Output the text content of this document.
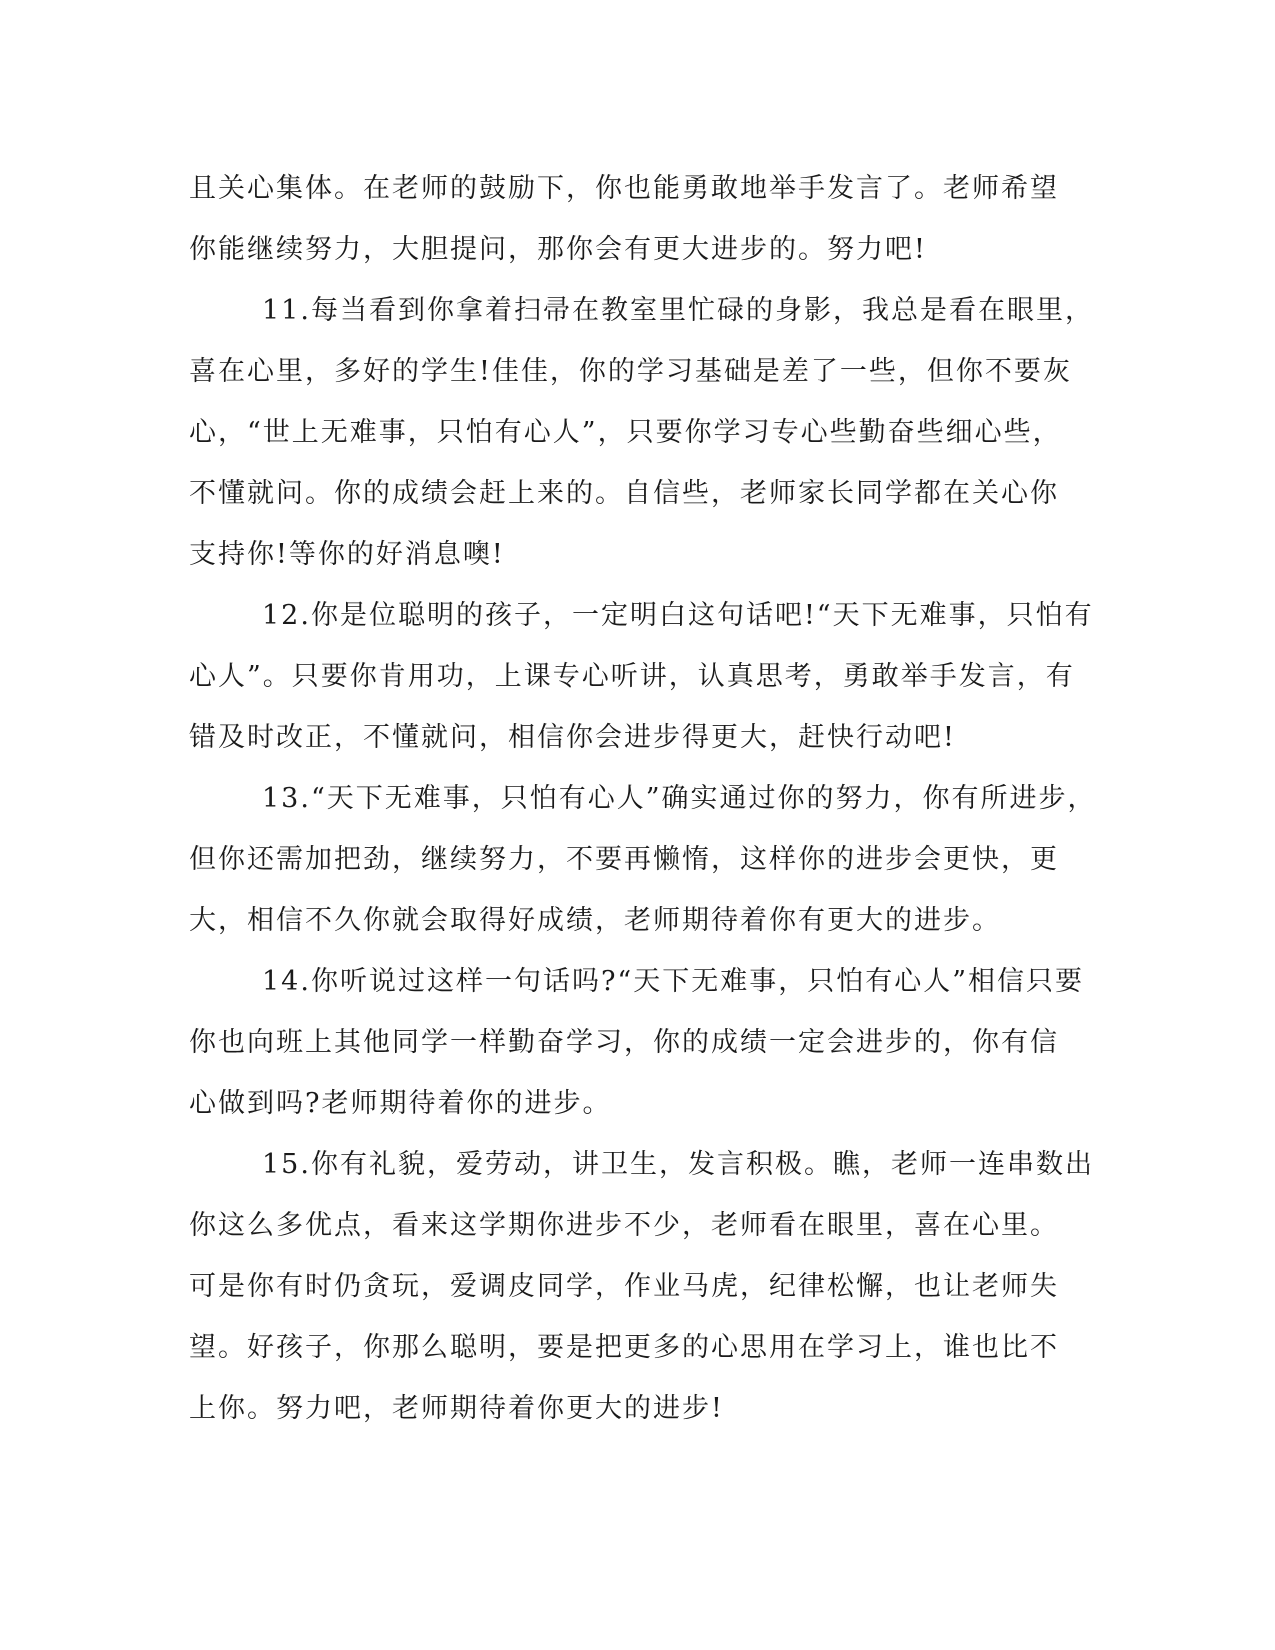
且关心集体。在老师的鼓励下，你也能勇敢地举手发言了。老师希望
你能继续努力，大胆提问，那你会有更大进步的。努力吧!
11.每当看到你拿着扫帚在教室里忙碌的身影，我总是看在眼里，
喜在心里，多好的学生!佳佳，你的学习基础是差了一些，但你不要灰
心，“世上无难事，只怕有心人”，只要你学习专心些勤奋些细心些，
不懂就问。你的成绩会赶上来的。自信些，老师家长同学都在关心你
支持你!等你的好消息噢!
12.你是位聪明的孩子，一定明白这句话吧!“天下无难事，只怕有
心人”。只要你肯用功，上课专心听讲，认真思考，勇敢举手发言，有
错及时改正，不懂就问，相信你会进步得更大，赶快行动吧!
13.“天下无难事，只怕有心人”确实通过你的努力，你有所进步，
但你还需加把劲，继续努力，不要再懒惰，这样你的进步会更快，更
大，相信不久你就会取得好成绩，老师期待着你有更大的进步。
14.你听说过这样一句话吗?“天下无难事，只怕有心人”相信只要
你也向班上其他同学一样勤奋学习，你的成绩一定会进步的，你有信
心做到吗?老师期待着你的进步。
15.你有礼貌，爱劳动，讲卫生，发言积极。瞧，老师一连串数出
你这么多优点，看来这学期你进步不少，老师看在眼里，喜在心里。
可是你有时仍贪玩，爱调皮同学，作业马虎，纪律松懈，也让老师失
望。好孩子，你那么聪明，要是把更多的心思用在学习上，谁也比不
上你。努力吧，老师期待着你更大的进步!
